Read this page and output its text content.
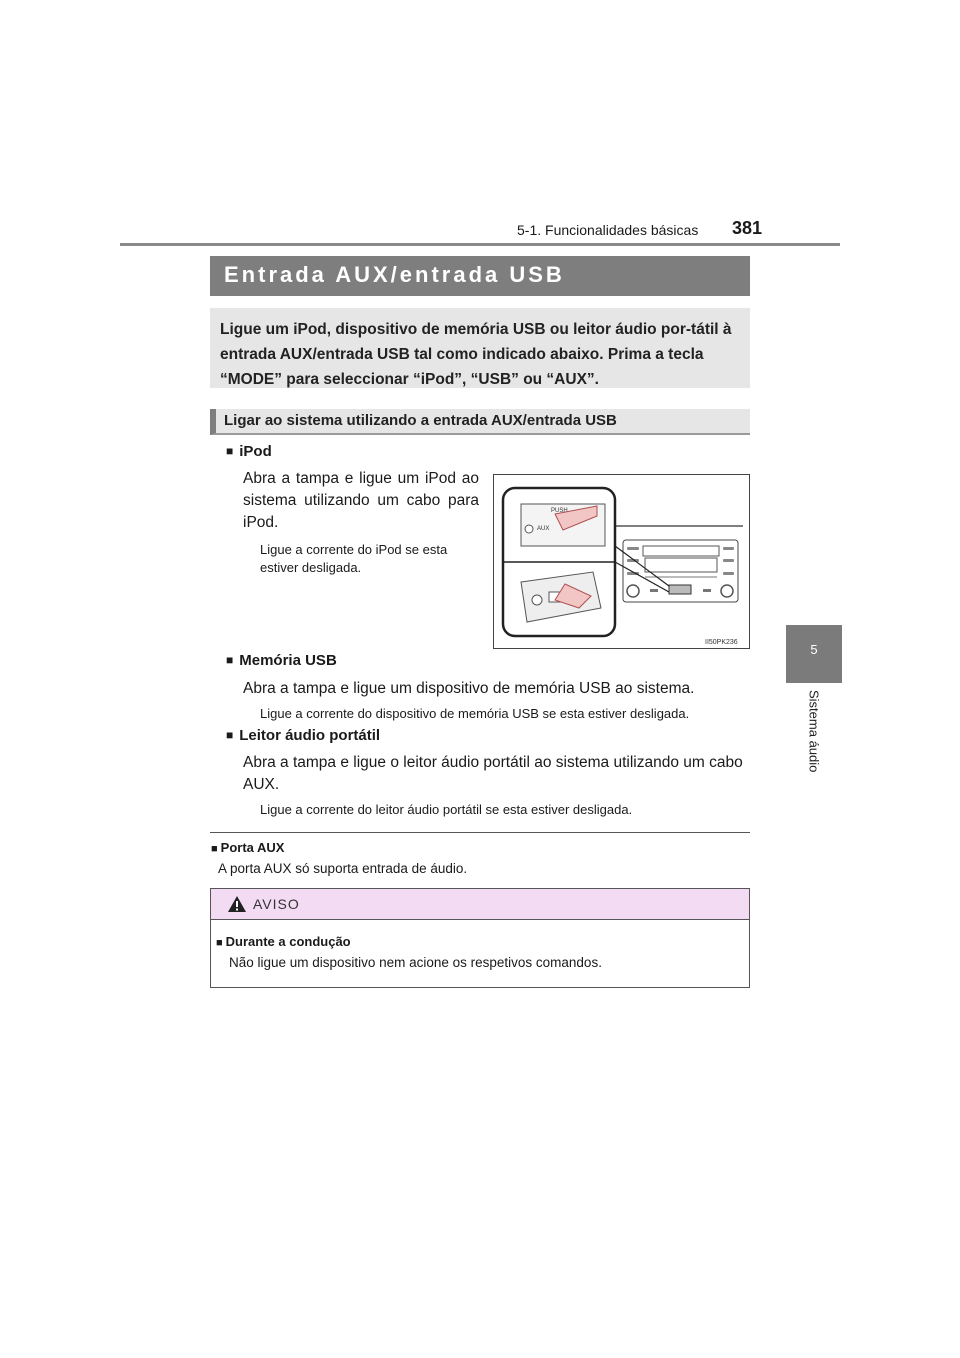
5-1. Funcionalidades básicas 381
5
Sistema áudio
Entrada AUX/entrada USB
Ligue um iPod, dispositivo de memória USB ou leitor áudio por-tátil à entrada AUX/entrada USB tal como indicado abaixo. Prima a tecla “MODE” para seleccionar “iPod”, “USB” ou “AUX”.
Ligar ao sistema utilizando a entrada AUX/entrada USB
■ iPod
Abra a tampa e ligue um iPod ao sistema utilizando um cabo para iPod.
Ligue a corrente do iPod se esta estiver desligada.
PUSH
AUX
II50PK236
■ Memória USB
Abra a tampa e ligue um dispositivo de memória USB ao sistema.
Ligue a corrente do dispositivo de memória USB se esta estiver desligada.
■ Leitor áudio portátil
Abra a tampa e ligue o leitor áudio portátil ao sistema utilizando um cabo AUX.
Ligue a corrente do leitor áudio portátil se esta estiver desligada.
■ Porta AUX
A porta AUX só suporta entrada de áudio.
AVISO
■ Durante a condução
Não ligue um dispositivo nem acione os respetivos comandos.
